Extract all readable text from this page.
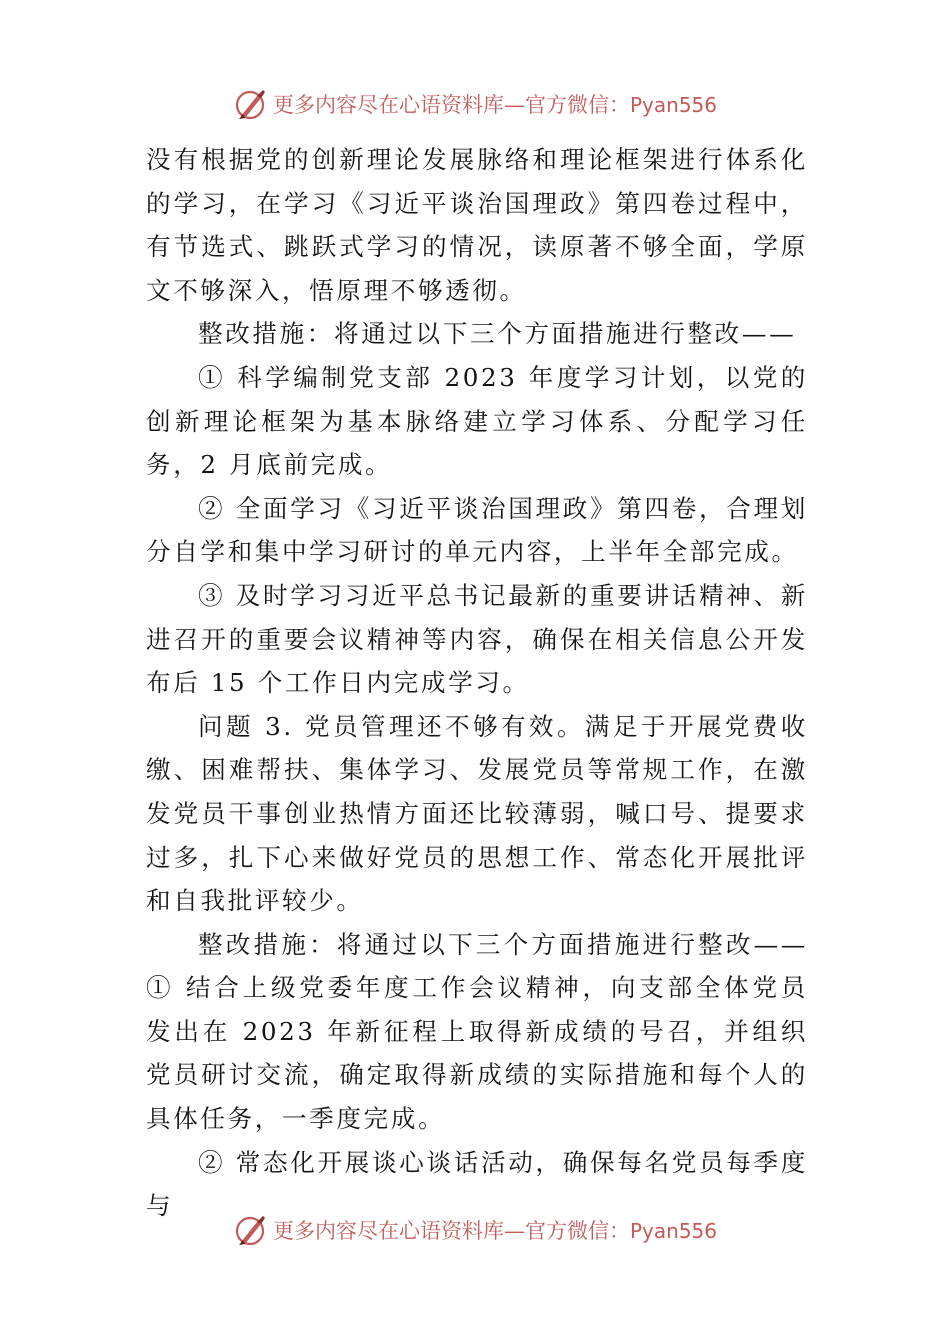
更多内容尽在心语资料库—官方微信：Pyan556

没有根据党的创新理论发展脉络和理论框架进行体系化的学习，在学习《习近平谈治国理政》第四卷过程中，有节选式、跳跃式学习的情况，读原著不够全面，学原文不够深入，悟原理不够透彻。

整改措施：将通过以下三个方面措施进行整改——

① 科学编制党支部 2023 年度学习计划，以党的创新理论框架为基本脉络建立学习体系、分配学习任务，2 月底前完成。

② 全面学习《习近平谈治国理政》第四卷，合理划分自学和集中学习研讨的单元内容，上半年全部完成。

③ 及时学习习近平总书记最新的重要讲话精神、新进召开的重要会议精神等内容，确保在相关信息公开发布后 15 个工作日内完成学习。

问题 3. 党员管理还不够有效。满足于开展党费收缴、困难帮扶、集体学习、发展党员等常规工作，在激发党员干事创业热情方面还比较薄弱，喊口号、提要求过多，扎下心来做好党员的思想工作、常态化开展批评和自我批评较少。

整改措施：将通过以下三个方面措施进行整改——① 结合上级党委年度工作会议精神，向支部全体党员发出在 2023 年新征程上取得新成绩的号召，并组织党员研讨交流，确定取得新成绩的实际措施和每个人的具体任务，一季度完成。

② 常态化开展谈心谈话活动，确保每名党员每季度与

更多内容尽在心语资料库—官方微信：Pyan556
